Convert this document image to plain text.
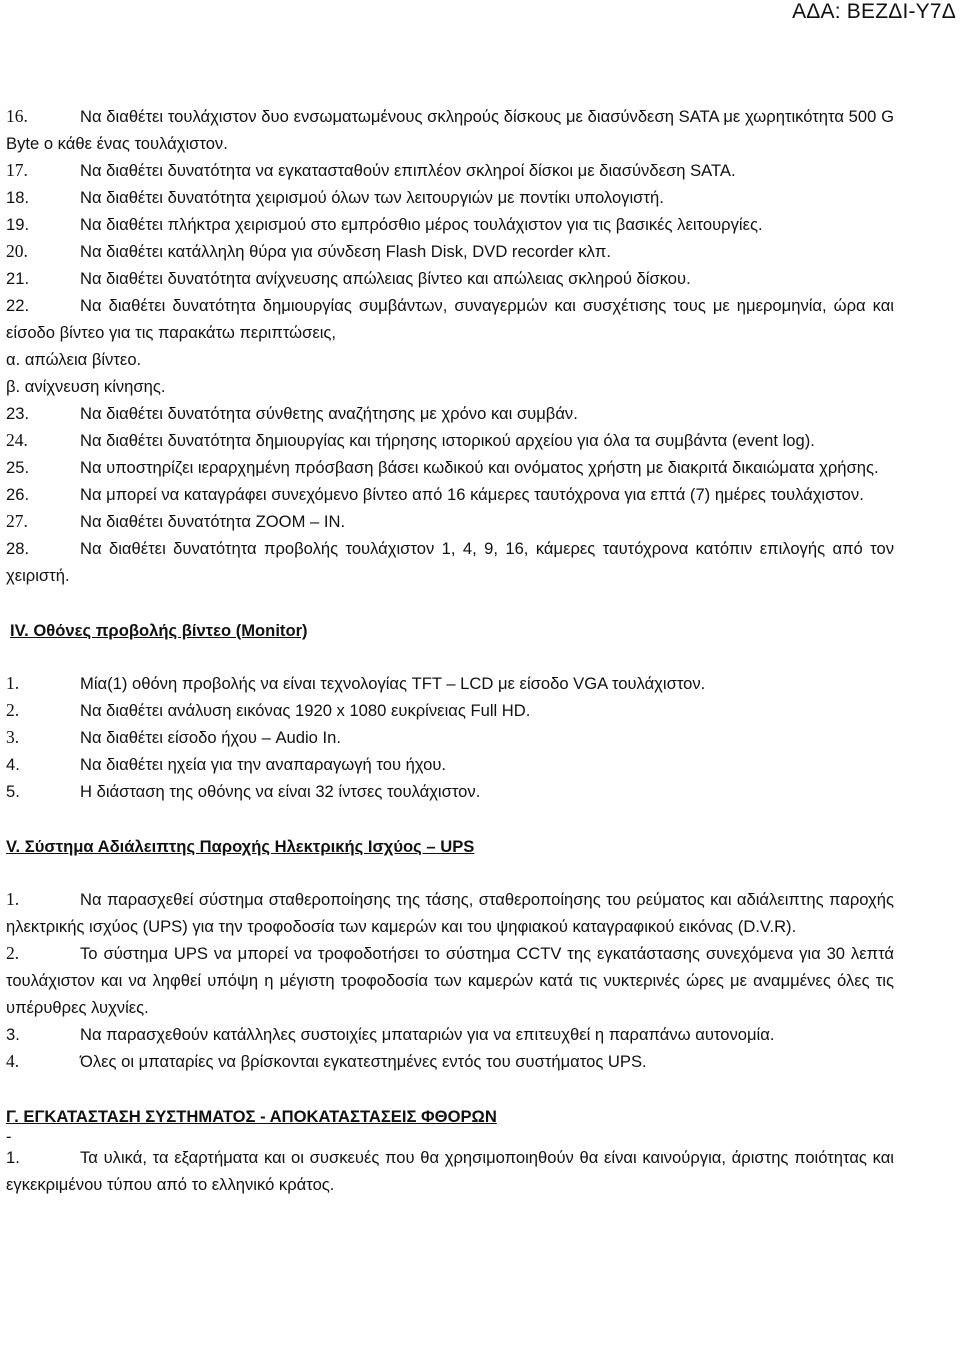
ΑΔΑ: ΒΕΖΔΙ-Υ7Δ

16.	Να διαθέτει τουλάχιστον δυο ενσωματωμένους σκληρούς δίσκους με διασύνδεση SATA με χωρητικότητα 500 G Byte ο κάθε ένας τουλάχιστον.

17.	Να διαθέτει δυνατότητα να εγκατασταθούν επιπλέον σκληροί δίσκοι με διασύνδεση SATA.

18.	Να διαθέτει δυνατότητα χειρισμού όλων των λειτουργιών με ποντίκι υπολογιστή.

19.	Να διαθέτει πλήκτρα χειρισμού στο εμπρόσθιο μέρος τουλάχιστον για τις βασικές λειτουργίες.

20.	Να διαθέτει κατάλληλη θύρα για σύνδεση Flash Disk, DVD recorder κλπ.

21.	Να διαθέτει δυνατότητα ανίχνευσης απώλειας βίντεο και απώλειας σκληρού δίσκου.

22.	Να διαθέτει δυνατότητα δημιουργίας συμβάντων, συναγερμών και συσχέτισης τους με ημερομηνία, ώρα και είσοδο βίντεο για τις παρακάτω περιπτώσεις,

α. απώλεια βίντεο.

β. ανίχνευση κίνησης.

23.	Να διαθέτει δυνατότητα σύνθετης αναζήτησης με χρόνο και συμβάν.

24.	Να διαθέτει δυνατότητα δημιουργίας και τήρησης ιστορικού αρχείου για όλα τα συμβάντα (event log).

25.	Να υποστηρίζει ιεραρχημένη πρόσβαση βάσει κωδικού και ονόματος χρήστη με διακριτά δικαιώματα χρήσης.

26.	Να μπορεί να καταγράφει συνεχόμενο βίντεο από 16 κάμερες ταυτόχρονα για επτά (7) ημέρες τουλάχιστον.

27.	Να διαθέτει δυνατότητα ZOOM – IN.

28.	Να διαθέτει δυνατότητα προβολής τουλάχιστον 1, 4, 9, 16, κάμερες ταυτόχρονα κατόπιν επιλογής από τον χειριστή.

IV. Οθόνες προβολής βίντεο (Monitor)

1.	Μία(1) οθόνη προβολής να είναι τεχνολογίας TFT – LCD με είσοδο VGA τουλάχιστον.

2.	Να διαθέτει ανάλυση εικόνας 1920 x 1080 ευκρίνειας Full HD.

3.	Να διαθέτει είσοδο ήχου – Audio In.

4.	Να διαθέτει ηχεία για την αναπαραγωγή του ήχου.

5.	Η διάσταση της οθόνης να είναι 32 ίντσες τουλάχιστον.

V. Σύστημα Αδιάλειπτης Παροχής Ηλεκτρικής Ισχύος – UPS

1.	Να παρασχεθεί σύστημα σταθεροποίησης της τάσης, σταθεροποίησης του ρεύματος και αδιάλειπτης παροχής ηλεκτρικής ισχύος (UPS) για την τροφοδοσία των καμερών και του ψηφιακού καταγραφικού εικόνας (D.V.R).

2.	Το σύστημα UPS να μπορεί να τροφοδοτήσει το σύστημα CCTV της εγκατάστασης συνεχόμενα για 30 λεπτά τουλάχιστον και να ληφθεί υπόψη η μέγιστη τροφοδοσία των καμερών κατά τις νυκτερινές ώρες με αναμμένες όλες τις υπέρυθρες λυχνίες.

3.	Να παρασχεθούν κατάλληλες συστοιχίες μπαταριών για να επιτευχθεί η παραπάνω αυτονομία.

4.	Όλες οι μπαταρίες να βρίσκονται εγκατεστημένες εντός του συστήματος UPS.

Γ. ΕΓΚΑΤΑΣΤΑΣΗ ΣΥΣΤΗΜΑΤΟΣ - ΑΠΟΚΑΤΑΣΤΑΣΕΙΣ ΦΘΟΡΩΝ

-

1.	Τα υλικά, τα εξαρτήματα και οι συσκευές που θα χρησιμοποιηθούν θα είναι καινούργια, άριστης ποιότητας και εγκεκριμένου τύπου από το ελληνικό κράτος.
